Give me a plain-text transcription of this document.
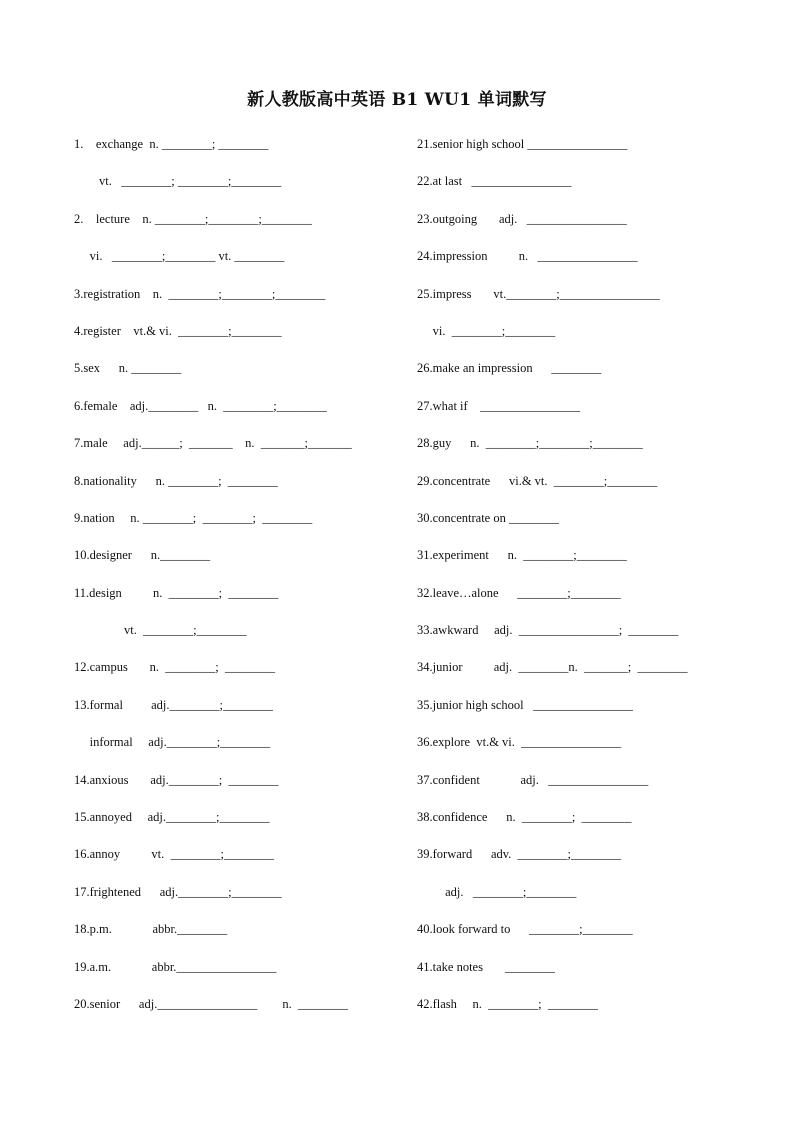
新人教版高中英语 B1 WU1 单词默写
1.    exchange  n. ________; ________
vt.   ________; ________;________
2.    lecture    n. ________;________;________
vi.   ________;________ vt. ________
3.registration    n.  ________;________;________
4.register    vt.& vi.  ________;________
5.sex      n. ________
6.female    adj.________   n.  ________;________
7.male     adj.______;  _______    n.  _______;_______
8.nationality      n. ________;  ________
9.nation     n. ________;  ________;  ________
10.designer      n.________
11.design          n.  ________;  ________
vt.  ________;________
12.campus       n.  ________;  ________
13.formal         adj.________;________
informal     adj.________;________
14.anxious       adj.________;  ________
15.annoyed     adj.________;________
16.annoy          vt.  ________;________
17.frightened      adj.________;________
18.p.m.             abbr.________
19.a.m.             abbr.________________
20.senior      adj.________________        n.  ________
21.senior high school ________________
22.at last   ________________
23.outgoing       adj.   ________________
24.impression          n.   ________________
25.impress       vt.________;________________
vi.  ________;________
26.make an impression      ________
27.what if    ________________
28.guy      n.  ________;________;________
29.concentrate      vi.& vt.  ________;________
30.concentrate on ________
31.experiment      n.  ________;________
32.leave…alone      ________;________
33.awkward     adj.  ________________;  ________
34.junior          adj.  ________n.  _______;  ________
35.junior high school   ________________
36.explore  vt.& vi.  ________________
37.confident             adj.   ________________
38.confidence      n.  ________;  ________
39.forward      adv.  ________;________
adj.   ________;________
40.look forward to      ________;________
41.take notes       ________
42.flash     n.  ________;  ________
